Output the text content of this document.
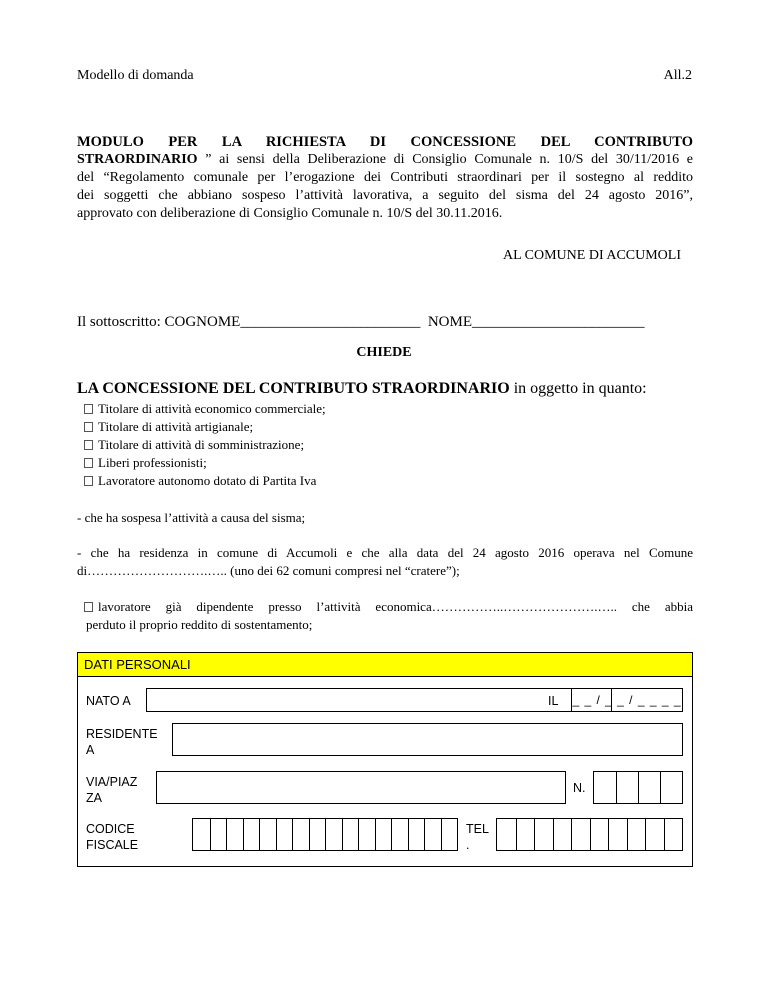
Modello di domanda	All.2
MODULO PER LA RICHIESTA DI CONCESSIONE DEL CONTRIBUTO
STRAORDINARIO ” ai sensi della Deliberazione di Consiglio Comunale n. 10/S del 30/11/2016 e
del “Regolamento comunale per l’erogazione dei Contributi straordinari per il sostegno al reddito
dei soggetti che abbiano sospeso l’attività lavorativa, a seguito del sisma del 24 agosto 2016”,
approvato con deliberazione di Consiglio Comunale n. 10/S del 30.11.2016.
AL COMUNE DI ACCUMOLI
Il sottoscritto: COGNOME________________________  NOME_______________________
CHIEDE
LA CONCESSIONE DEL CONTRIBUTO STRAORDINARIO in oggetto in quanto:
Titolare di attività economico commerciale;
Titolare di attività artigianale;
Titolare di attività di somministrazione;
Liberi professionisti;
Lavoratore autonomo dotato di Partita Iva
- che ha sospesa l’attività a causa del sisma;
- che ha residenza in comune di Accumoli e che alla data del 24 agosto 2016 operava nel Comune
di……………………….….. (uno dei 62 comuni compresi nel “cratere”);
lavoratore già dipendente presso l’attività economica……………..………………….….. che abbia
perduto il proprio reddito di sostentamento;
DATI PERSONALI
NATO A	IL _ _ / _ _ / _ _ _ _
RESIDENTE
A
VIA/PIAZ
ZA
N.
CODICE
FISCALE
TEL
.
